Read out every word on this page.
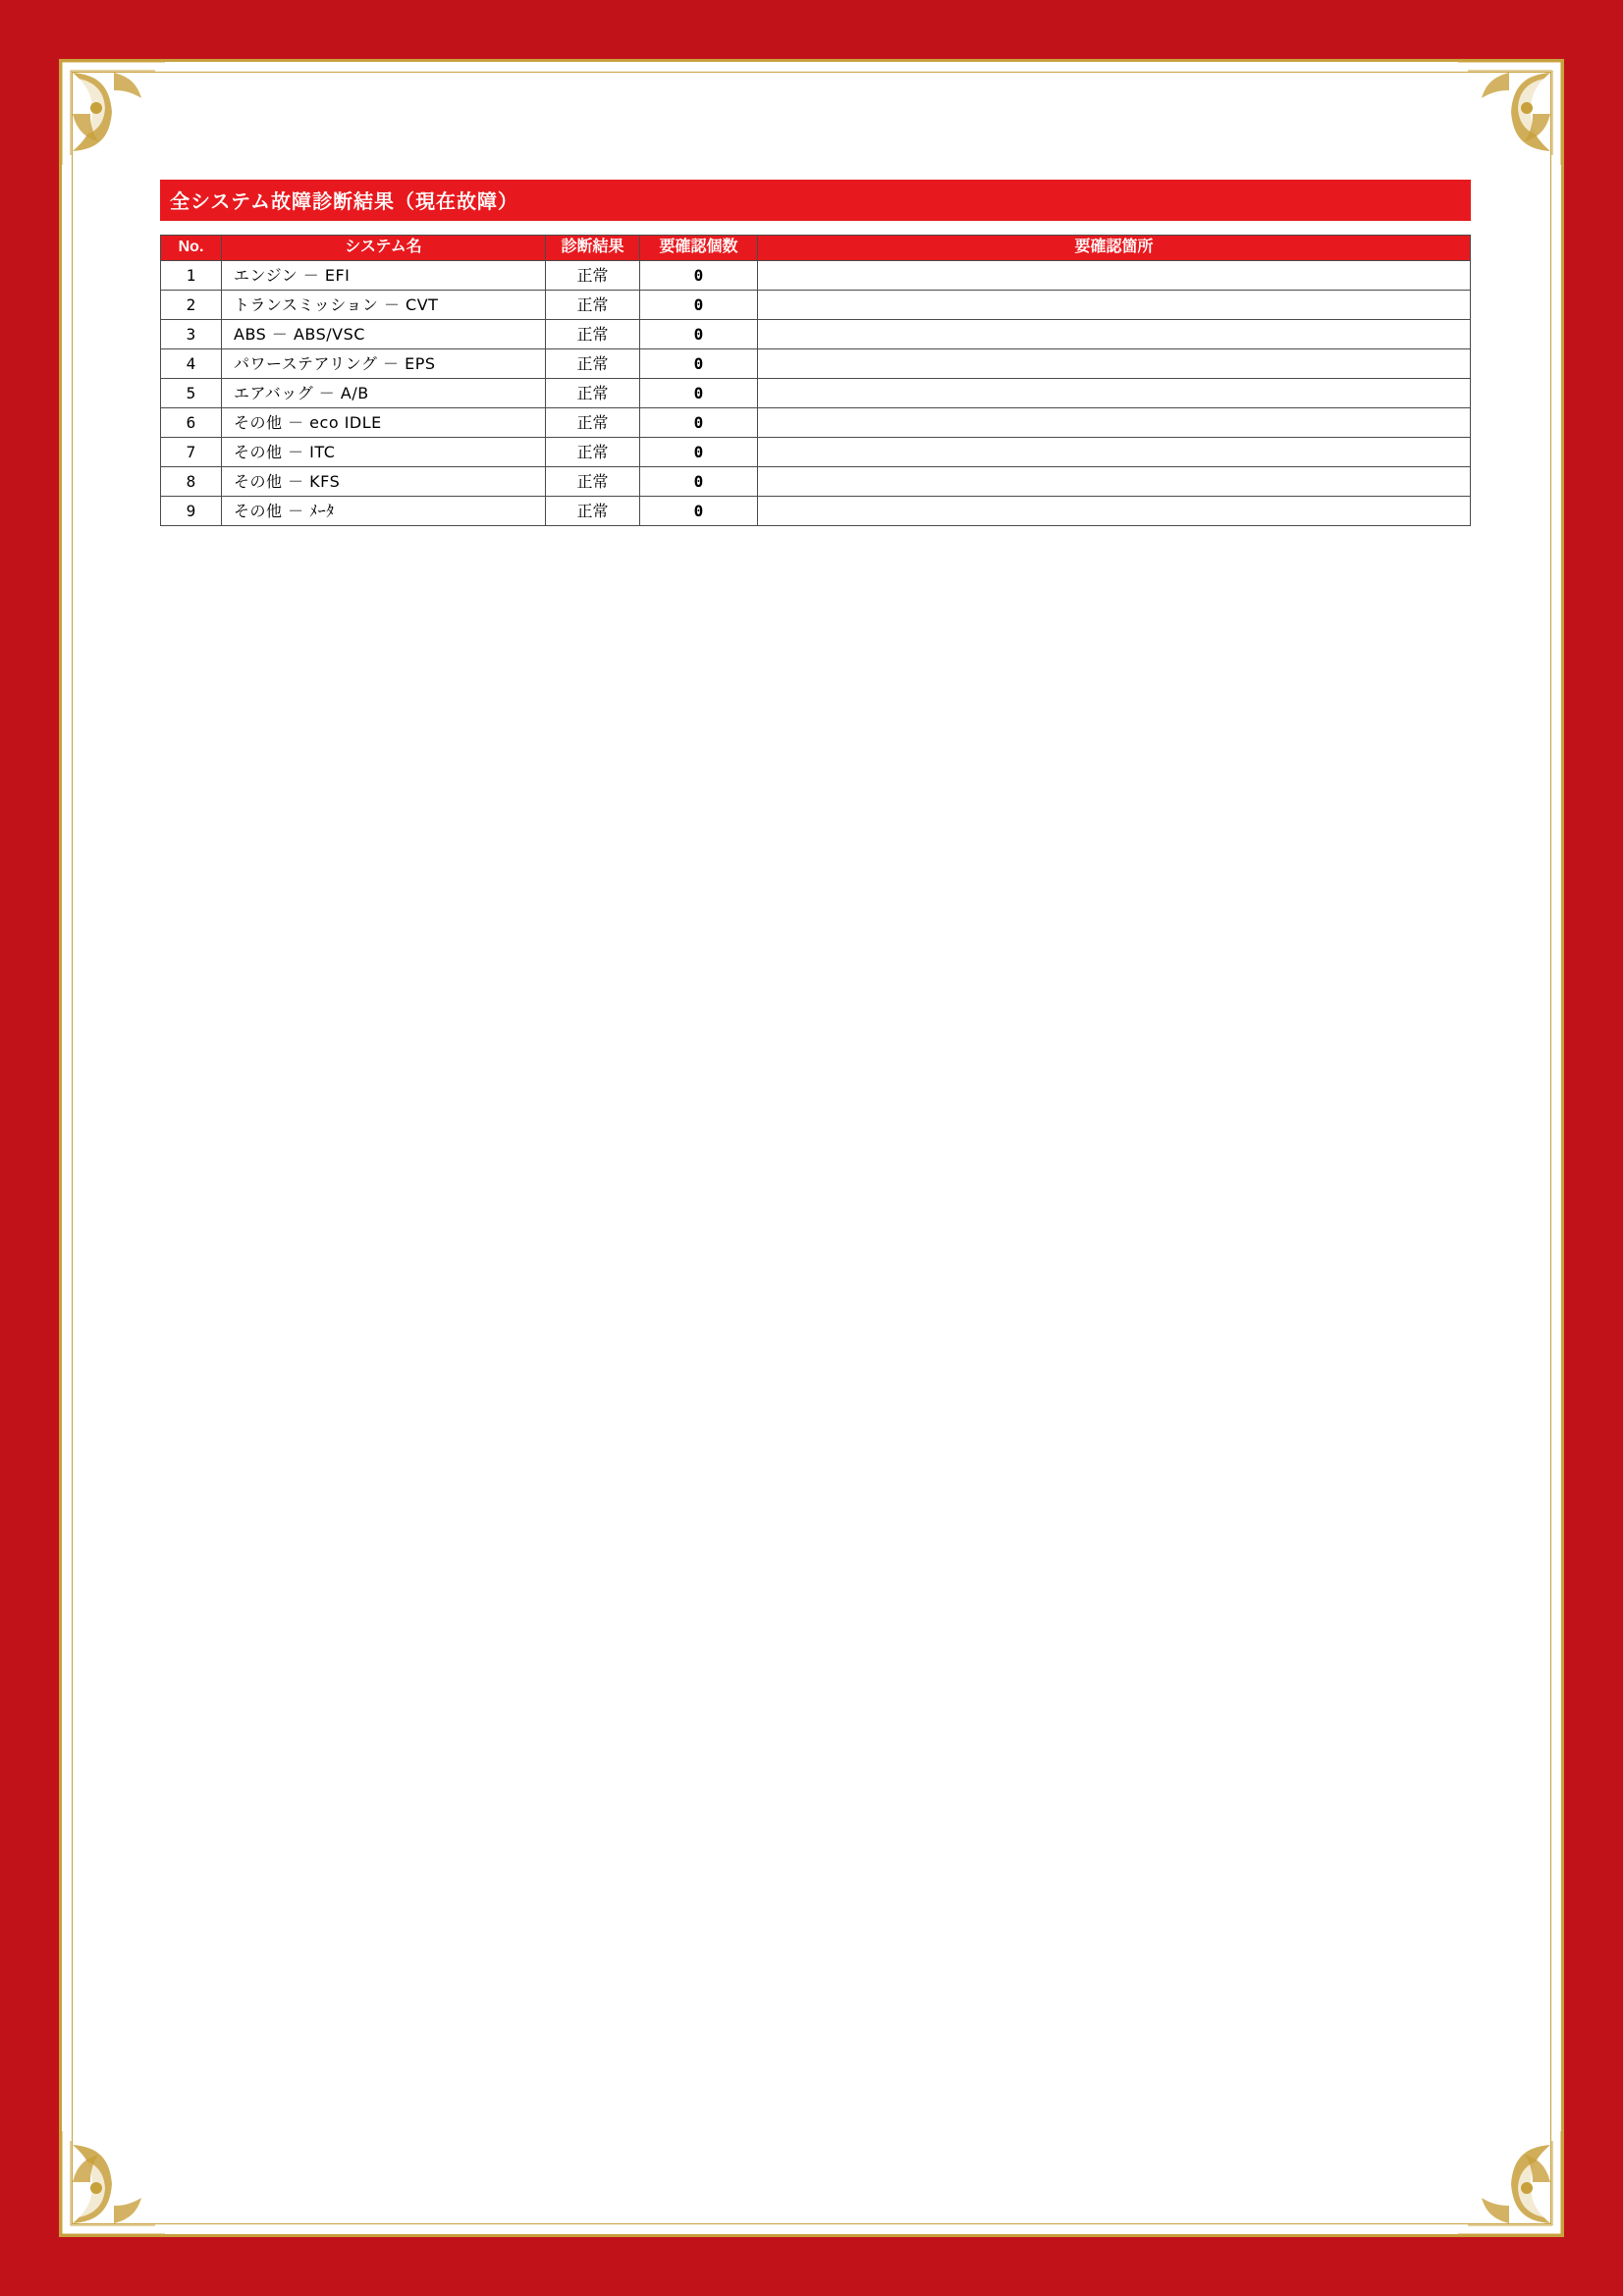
全システム故障診断結果（現在故障）
No.	システム名	診断結果	要確認個数	要確認箇所
1	エンジン － EFI	正常	0	
2	トランスミッション － CVT	正常	0	
3	ABS － ABS/VSC	正常	0	
4	パワーステアリング － EPS	正常	0	
5	エアバッグ － A/B	正常	0	
6	その他 － eco IDLE	正常	0	
7	その他 － ITC	正常	0	
8	その他 － KFS	正常	0	
9	その他 － ﾒｰﾀ	正常	0	
